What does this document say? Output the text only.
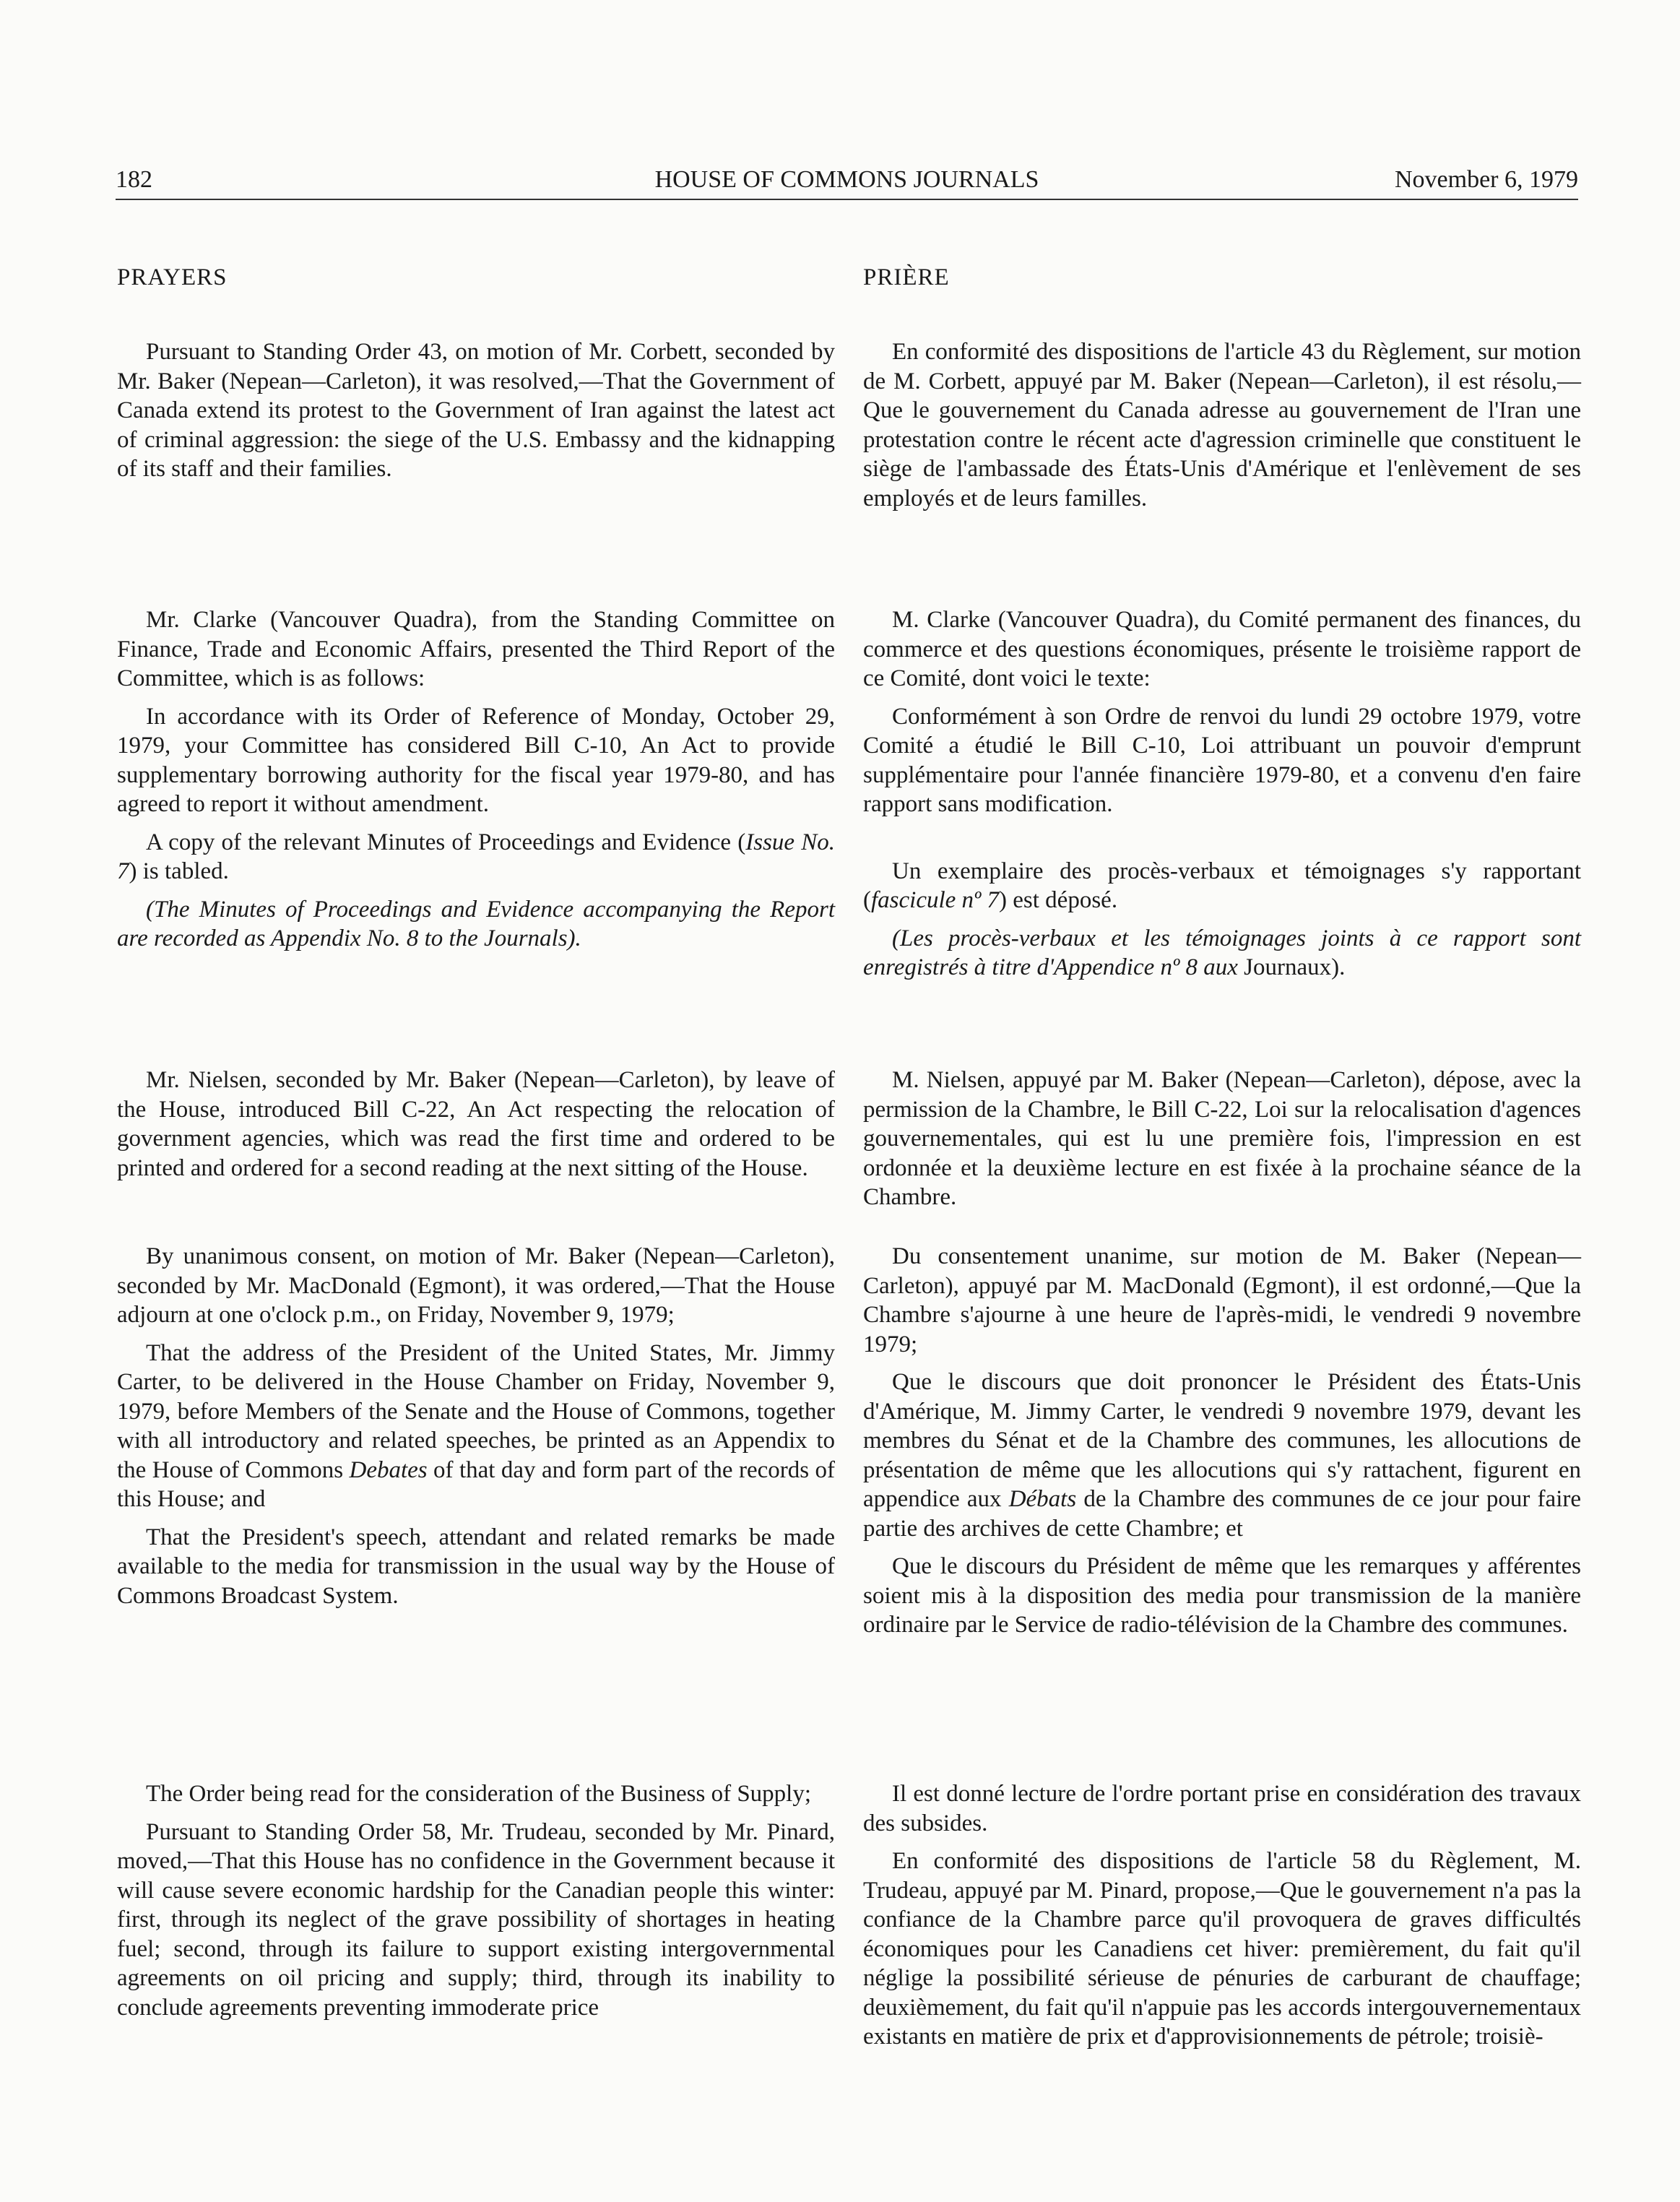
182	HOUSE OF COMMONS JOURNALS	November 6, 1979

PRAYERS

Pursuant to Standing Order 43, on motion of Mr. Corbett, seconded by Mr. Baker (Nepean—Carleton), it was resolved,—That the Government of Canada extend its protest to the Government of Iran against the latest act of criminal aggression: the siege of the U.S. Embassy and the kidnapping of its staff and their families.

Mr. Clarke (Vancouver Quadra), from the Standing Committee on Finance, Trade and Economic Affairs, presented the Third Report of the Committee, which is as follows:

In accordance with its Order of Reference of Monday, October 29, 1979, your Committee has considered Bill C-10, An Act to provide supplementary borrowing authority for the fiscal year 1979-80, and has agreed to report it without amendment.

A copy of the relevant Minutes of Proceedings and Evidence (Issue No. 7) is tabled.

(The Minutes of Proceedings and Evidence accompanying the Report are recorded as Appendix No. 8 to the Journals).

Mr. Nielsen, seconded by Mr. Baker (Nepean—Carleton), by leave of the House, introduced Bill C-22, An Act respecting the relocation of government agencies, which was read the first time and ordered to be printed and ordered for a second reading at the next sitting of the House.

By unanimous consent, on motion of Mr. Baker (Nepean—Carleton), seconded by Mr. MacDonald (Egmont), it was ordered,—That the House adjourn at one o'clock p.m., on Friday, November 9, 1979;

That the address of the President of the United States, Mr. Jimmy Carter, to be delivered in the House Chamber on Friday, November 9, 1979, before Members of the Senate and the House of Commons, together with all introductory and related speeches, be printed as an Appendix to the House of Commons Debates of that day and form part of the records of this House; and

That the President's speech, attendant and related remarks be made available to the media for transmission in the usual way by the House of Commons Broadcast System.

The Order being read for the consideration of the Business of Supply;

Pursuant to Standing Order 58, Mr. Trudeau, seconded by Mr. Pinard, moved,—That this House has no confidence in the Government because it will cause severe economic hardship for the Canadian people this winter: first, through its neglect of the grave possibility of shortages in heating fuel; second, through its failure to support existing intergovernmental agreements on oil pricing and supply; third, through its inability to conclude agreements preventing immoderate price

PRIÈRE

En conformité des dispositions de l'article 43 du Règlement, sur motion de M. Corbett, appuyé par M. Baker (Nepean—Carleton), il est résolu,—Que le gouvernement du Canada adresse au gouvernement de l'Iran une protestation contre le récent acte d'agression criminelle que constituent le siège de l'ambassade des États-Unis d'Amérique et l'enlèvement de ses employés et de leurs familles.

M. Clarke (Vancouver Quadra), du Comité permanent des finances, du commerce et des questions économiques, présente le troisième rapport de ce Comité, dont voici le texte:

Conformément à son Ordre de renvoi du lundi 29 octobre 1979, votre Comité a étudié le Bill C-10, Loi attribuant un pouvoir d'emprunt supplémentaire pour l'année financière 1979-80, et a convenu d'en faire rapport sans modification.

Un exemplaire des procès-verbaux et témoignages s'y rapportant (fascicule nº 7) est déposé.

(Les procès-verbaux et les témoignages joints à ce rapport sont enregistrés à titre d'Appendice nº 8 aux Journaux).

M. Nielsen, appuyé par M. Baker (Nepean—Carleton), dépose, avec la permission de la Chambre, le Bill C-22, Loi sur la relocalisation d'agences gouvernementales, qui est lu une première fois, l'impression en est ordonnée et la deuxième lecture en est fixée à la prochaine séance de la Chambre.

Du consentement unanime, sur motion de M. Baker (Nepean—Carleton), appuyé par M. MacDonald (Egmont), il est ordonné,—Que la Chambre s'ajourne à une heure de l'après-midi, le vendredi 9 novembre 1979;

Que le discours que doit prononcer le Président des États-Unis d'Amérique, M. Jimmy Carter, le vendredi 9 novembre 1979, devant les membres du Sénat et de la Chambre des communes, les allocutions de présentation de même que les allocutions qui s'y rattachent, figurent en appendice aux Débats de la Chambre des communes de ce jour pour faire partie des archives de cette Chambre; et

Que le discours du Président de même que les remarques y afférentes soient mis à la disposition des media pour transmission de la manière ordinaire par le Service de radio-télévision de la Chambre des communes.

Il est donné lecture de l'ordre portant prise en considération des travaux des subsides.

En conformité des dispositions de l'article 58 du Règlement, M. Trudeau, appuyé par M. Pinard, propose,—Que le gouvernement n'a pas la confiance de la Chambre parce qu'il provoquera de graves difficultés économiques pour les Canadiens cet hiver: premièrement, du fait qu'il néglige la possibilité sérieuse de pénuries de carburant de chauffage; deuxièmement, du fait qu'il n'appuie pas les accords intergouvernementaux existants en matière de prix et d'approvisionnements de pétrole; troisiè-
